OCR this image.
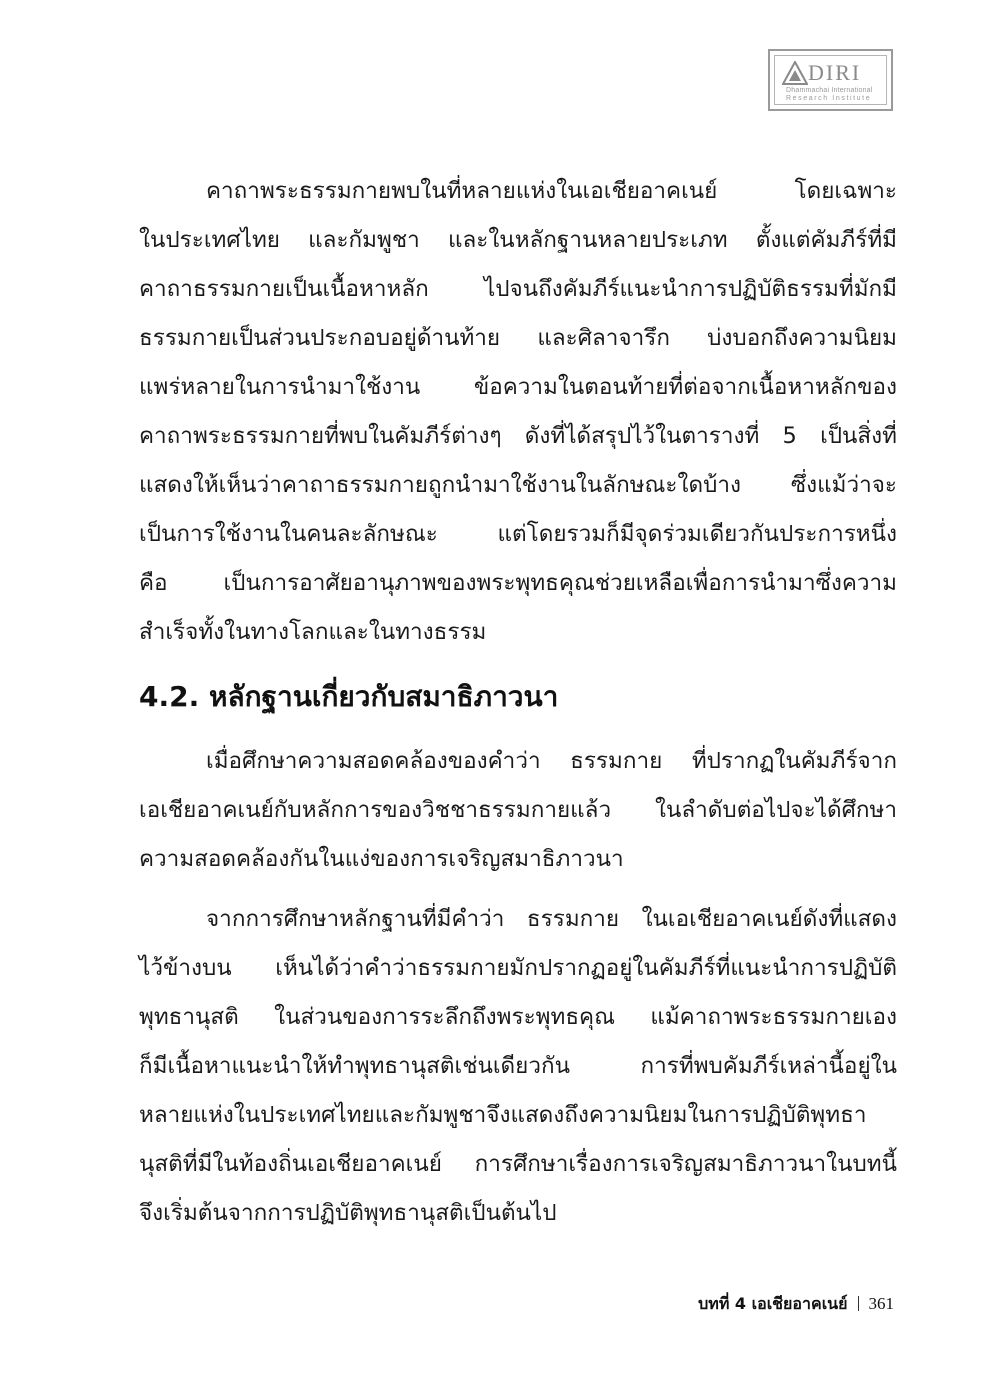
DIRI
Dhammachai International
Research Institute
คาถาพระธรรมกายพบในที่หลายแห่งในเอเชียอาคเนย์ โดยเฉพาะ
ในประเทศไทย และกัมพูชา และในหลักฐานหลายประเภท ตั้งแต่คัมภีร์ที่มี
คาถาธรรมกายเป็นเนื้อหาหลัก ไปจนถึงคัมภีร์แนะนำการปฏิบัติธรรมที่มักมี
ธรรมกายเป็นส่วนประกอบอยู่ด้านท้าย และศิลาจารึก บ่งบอกถึงความนิยม
แพร่หลายในการนำมาใช้งาน ข้อความในตอนท้ายที่ต่อจากเนื้อหาหลักของ
คาถาพระธรรมกายที่พบในคัมภีร์ต่างๆ ดังที่ได้สรุปไว้ในตารางที่ 5 เป็นสิ่งที่
แสดงให้เห็นว่าคาถาธรรมกายถูกนำมาใช้งานในลักษณะใดบ้าง ซึ่งแม้ว่าจะ
เป็นการใช้งานในคนละลักษณะ แต่โดยรวมก็มีจุดร่วมเดียวกันประการหนึ่ง
คือ เป็นการอาศัยอานุภาพของพระพุทธคุณช่วยเหลือเพื่อการนำมาซึ่งความ
สำเร็จทั้งในทางโลกและในทางธรรม
4.2. หลักฐานเกี่ยวกับสมาธิภาวนา
เมื่อศึกษาความสอดคล้องของคำว่า ธรรมกาย ที่ปรากฏในคัมภีร์จาก
เอเชียอาคเนย์กับหลักการของวิชชาธรรมกายแล้ว ในลำดับต่อไปจะได้ศึกษา
ความสอดคล้องกันในแง่ของการเจริญสมาธิภาวนา
จากการศึกษาหลักฐานที่มีคำว่า ธรรมกาย ในเอเชียอาคเนย์ดังที่แสดง
ไว้ข้างบน เห็นได้ว่าคำว่าธรรมกายมักปรากฏอยู่ในคัมภีร์ที่แนะนำการปฏิบัติ
พุทธานุสติ ในส่วนของการระลึกถึงพระพุทธคุณ แม้คาถาพระธรรมกายเอง
ก็มีเนื้อหาแนะนำให้ทำพุทธานุสติเช่นเดียวกัน การที่พบคัมภีร์เหล่านี้อยู่ใน
หลายแห่งในประเทศไทยและกัมพูชาจึงแสดงถึงความนิยมในการปฏิบัติพุทธา
นุสติที่มีในท้องถิ่นเอเชียอาคเนย์ การศึกษาเรื่องการเจริญสมาธิภาวนาในบทนี้
จึงเริ่มต้นจากการปฏิบัติพุทธานุสติเป็นต้นไป
บทที่ 4 เอเชียอาคเนย์ 361
